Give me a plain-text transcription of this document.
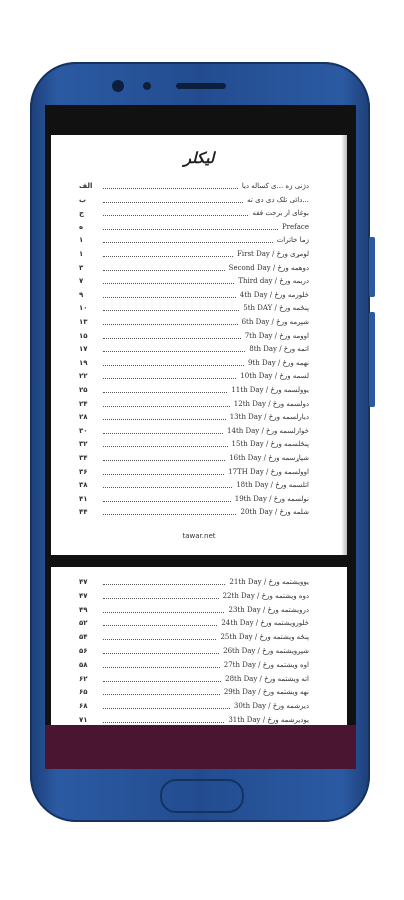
لیکلر
الف	دژنی زه ...ی کساله دیا
ب	دائی تلک دی دی ته...
ج	بوغای ار برحت ففه
ه	Preface
۱	زما خاترات
۱	First Day / لومړی ورځ
۳	Second Day / دوهمه ورځ
۷	Third day / دریمه ورځ
۹	4th Day / څلورمه ورځ
۱۰	5th DAY / پنځمه ورځ
۱۳	6th Day / شپږمه ورځ
۱۵	7th Day / اوومه ورځ
۱۷	8th Day / اتمه ورځ
۱۹	9th Day / نهمه ورځ
۲۲	10th Day / لسمه ورځ
۲۵	11th Day / یوولسمه ورځ
۲۴	12th Day / دولسمه ورځ
۲۸	13th Day / دیارلسمه ورځ
۳۰	14th Day / څوارلسمه ورځ
۳۲	15th Day / پنځلسمه ورځ
۳۴	16th Day / شپاړسمه ورځ
۳۶	17TH Day / اوولسمه ورځ
۳۸	18th Day / اتلسمه ورځ
۴۱	19th Day / نولسمه ورځ
۴۴	20th Day / شلمه ورځ
tawar.net
۴۷	21th Day / یوویشتمه ورځ
۴۷	22th Day / دوه ویشتمه ورځ
۴۹	23th Day / درویشتمه ورځ
۵۲	24th Day / څلورویشتمه ورځ
۵۴	25th Day / پنځه ویشتمه ورځ
۵۶	26th Day / شپږویشتمه ورځ
۵۸	27th Day / اوه ویشتمه ورځ
۶۲	28th Day / اته ویشتمه ورځ
۶۵	29th Day / نهه ویشتمه ورځ
۶۸	30th Day / دیرشمه ورځ
۷۱	31th Day / یودیرشمه ورځ
